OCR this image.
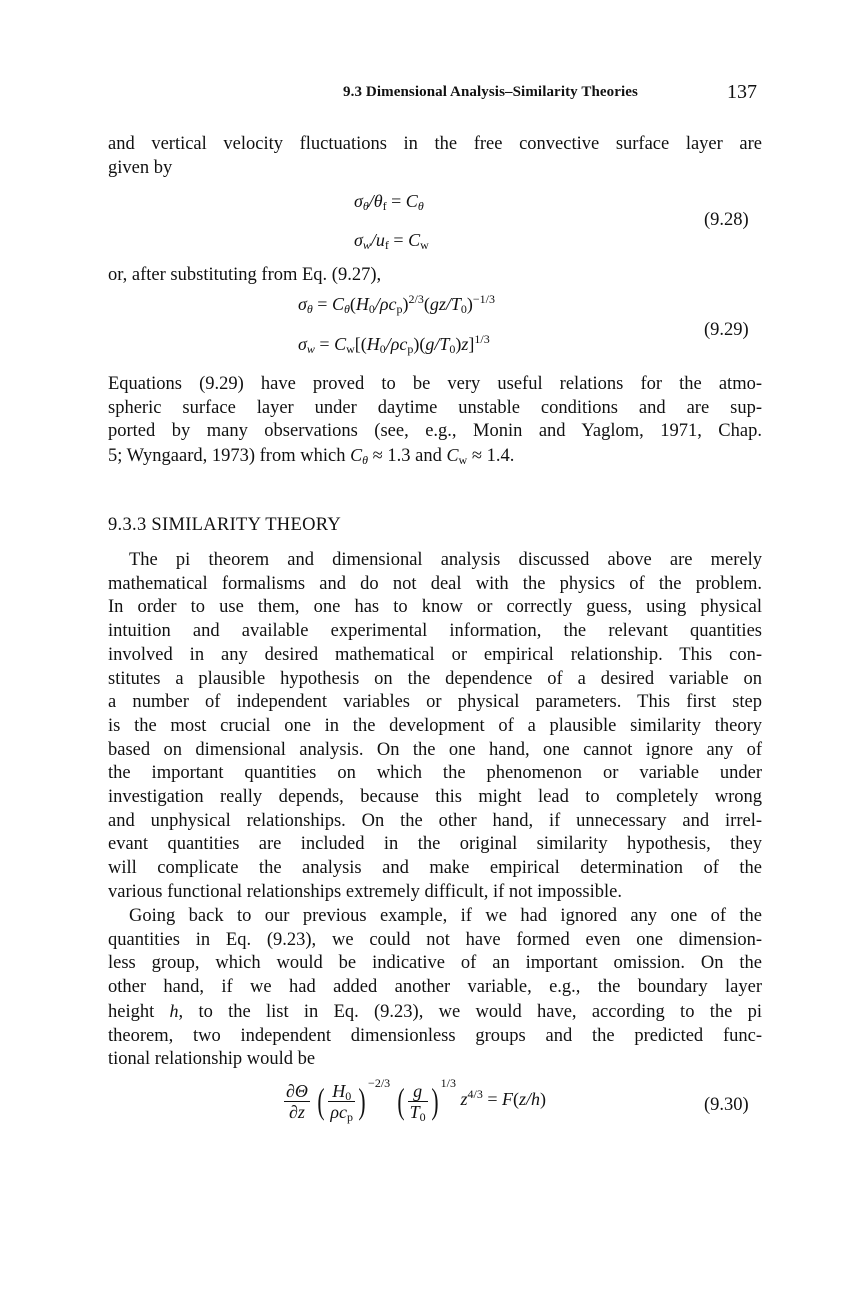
9.3 Dimensional Analysis–Similarity Theories	137
and vertical velocity fluctuations in the free convective surface layer are
given by
$\sigma_\theta/\theta_f = C_\theta$
$\sigma_w/u_f = C_w$
(9.28)
or, after substituting from Eq. (9.27),
$\sigma_\theta = C_\theta(H_0/\rho c_p)^{2/3}(gz/T_0)^{-1/3}$
$\sigma_w = C_w[(H_0/\rho c_p)(g/T_0)z]^{1/3}$	(9.29)
Equations (9.29) have proved to be very useful relations for the atmo-
spheric surface layer under daytime unstable conditions and are sup-
ported by many observations (see, e.g., Monin and Yaglom, 1971, Chap.
5; Wyngaard, 1973) from which $C_\theta \approx 1.3$ and $C_w \approx 1.4$.
9.3.3 SIMILARITY THEORY
The pi theorem and dimensional analysis discussed above are merely
mathematical formalisms and do not deal with the physics of the problem.
In order to use them, one has to know or correctly guess, using physical
intuition and available experimental information, the relevant quantities
involved in any desired mathematical or empirical relationship. This con-
stitutes a plausible hypothesis on the dependence of a desired variable on
a number of independent variables or physical parameters. This first step
is the most crucial one in the development of a plausible similarity theory
based on dimensional analysis. On the one hand, one cannot ignore any of
the important quantities on which the phenomenon or variable under
investigation really depends, because this might lead to completely wrong
and unphysical relationships. On the other hand, if unnecessary and irrel-
evant quantities are included in the original similarity hypothesis, they
will complicate the analysis and make empirical determination of the
various functional relationships extremely difficult, if not impossible.
Going back to our previous example, if we had ignored any one of the
quantities in Eq. (9.23), we could not have formed even one dimension-
less group, which would be indicative of an important omission. On the
other hand, if we had added another variable, e.g., the boundary layer
height h, to the list in Eq. (9.23), we would have, according to the pi
theorem, two independent dimensionless groups and the predicted func-
tional relationship would be
$\frac{\partial\Theta}{\partial z}$ ( $\frac{H_0}{\rho c_p}$ ) $^{-2/3}$ ( $\frac{g}{T_0}$ ) $^{1/3}$ $z^{4/3} = F(z/h)$	(9.30)
